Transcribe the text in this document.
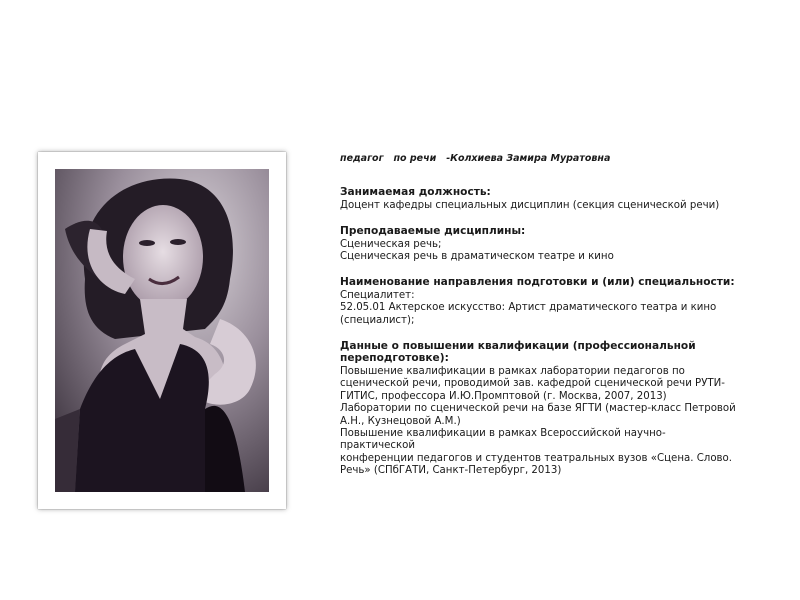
педагог   по речи -Колхиева Замира Муратовна
Занимаемая должность:
Доцент кафедры специальных дисциплин (секция сценической речи)
Преподаваемые дисциплины:
Сценическая речь;
Сценическая речь в драматическом театре и кино
Наименование направления подготовки и (или) специальности:
Специалитет:
52.05.01 Актерское искусство: Артист драматического театра и кино
(специалист);
Данные о повышении квалификации (профессиональной
переподготовке):
Повышение квалификации в рамках лаборатории педагогов по
сценической речи, проводимой зав. кафедрой сценической речи РУТИ-
ГИТИС, профессора И.Ю.Промптовой (г. Москва, 2007, 2013)
Лаборатории по сценической речи на базе ЯГТИ (мастер-класс Петровой
А.Н., Кузнецовой А.М.)
Повышение квалификации в рамках Всероссийской научно-практической
конференции педагогов и студентов театральных вузов «Сцена. Слово.
Речь» (СПбГАТИ, Санкт-Петербург, 2013)
